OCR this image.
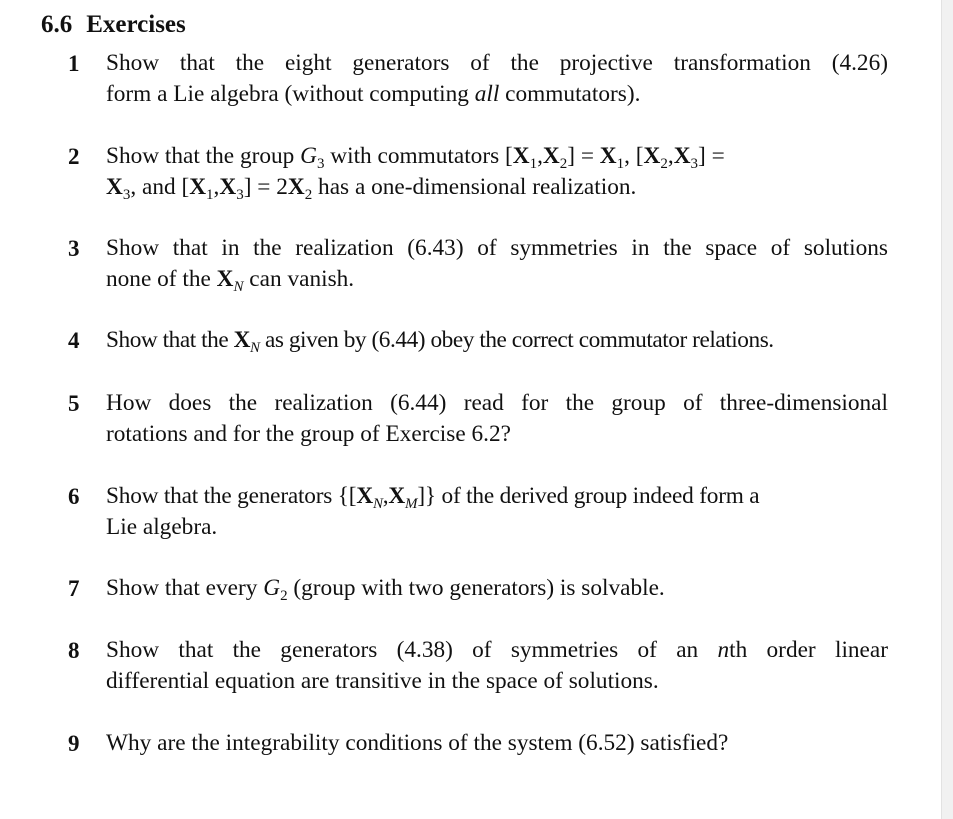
6.6 Exercises
1	Show that the eight generators of the projective transformation (4.26)
form a Lie algebra (without computing all commutators).
2	Show that the group $G_3$ with commutators $[X_1,X_2] = X_1$, $[X_2,X_3]$ =
$X_3$, and $[X_1,X_3] = 2X_2$ has a one-dimensional realization.
3	Show that in the realization (6.43) of symmetries in the space of solutions
none of the $X_N$ can vanish.
4	Show that the $X_N$ as given by (6.44) obey the correct commutator relations.
5	How does the realization (6.44) read for the group of three-dimensional
rotations and for the group of Exercise 6.2?
6	Show that the generators $\{[X_N,X_M]\}$ of the derived group indeed form a
Lie algebra.
7	Show that every $G_2$ (group with two generators) is solvable.
8	Show that the generators (4.38) of symmetries of an nth order linear
differential equation are transitive in the space of solutions.
9	Why are the integrability conditions of the system (6.52) satisfied?
